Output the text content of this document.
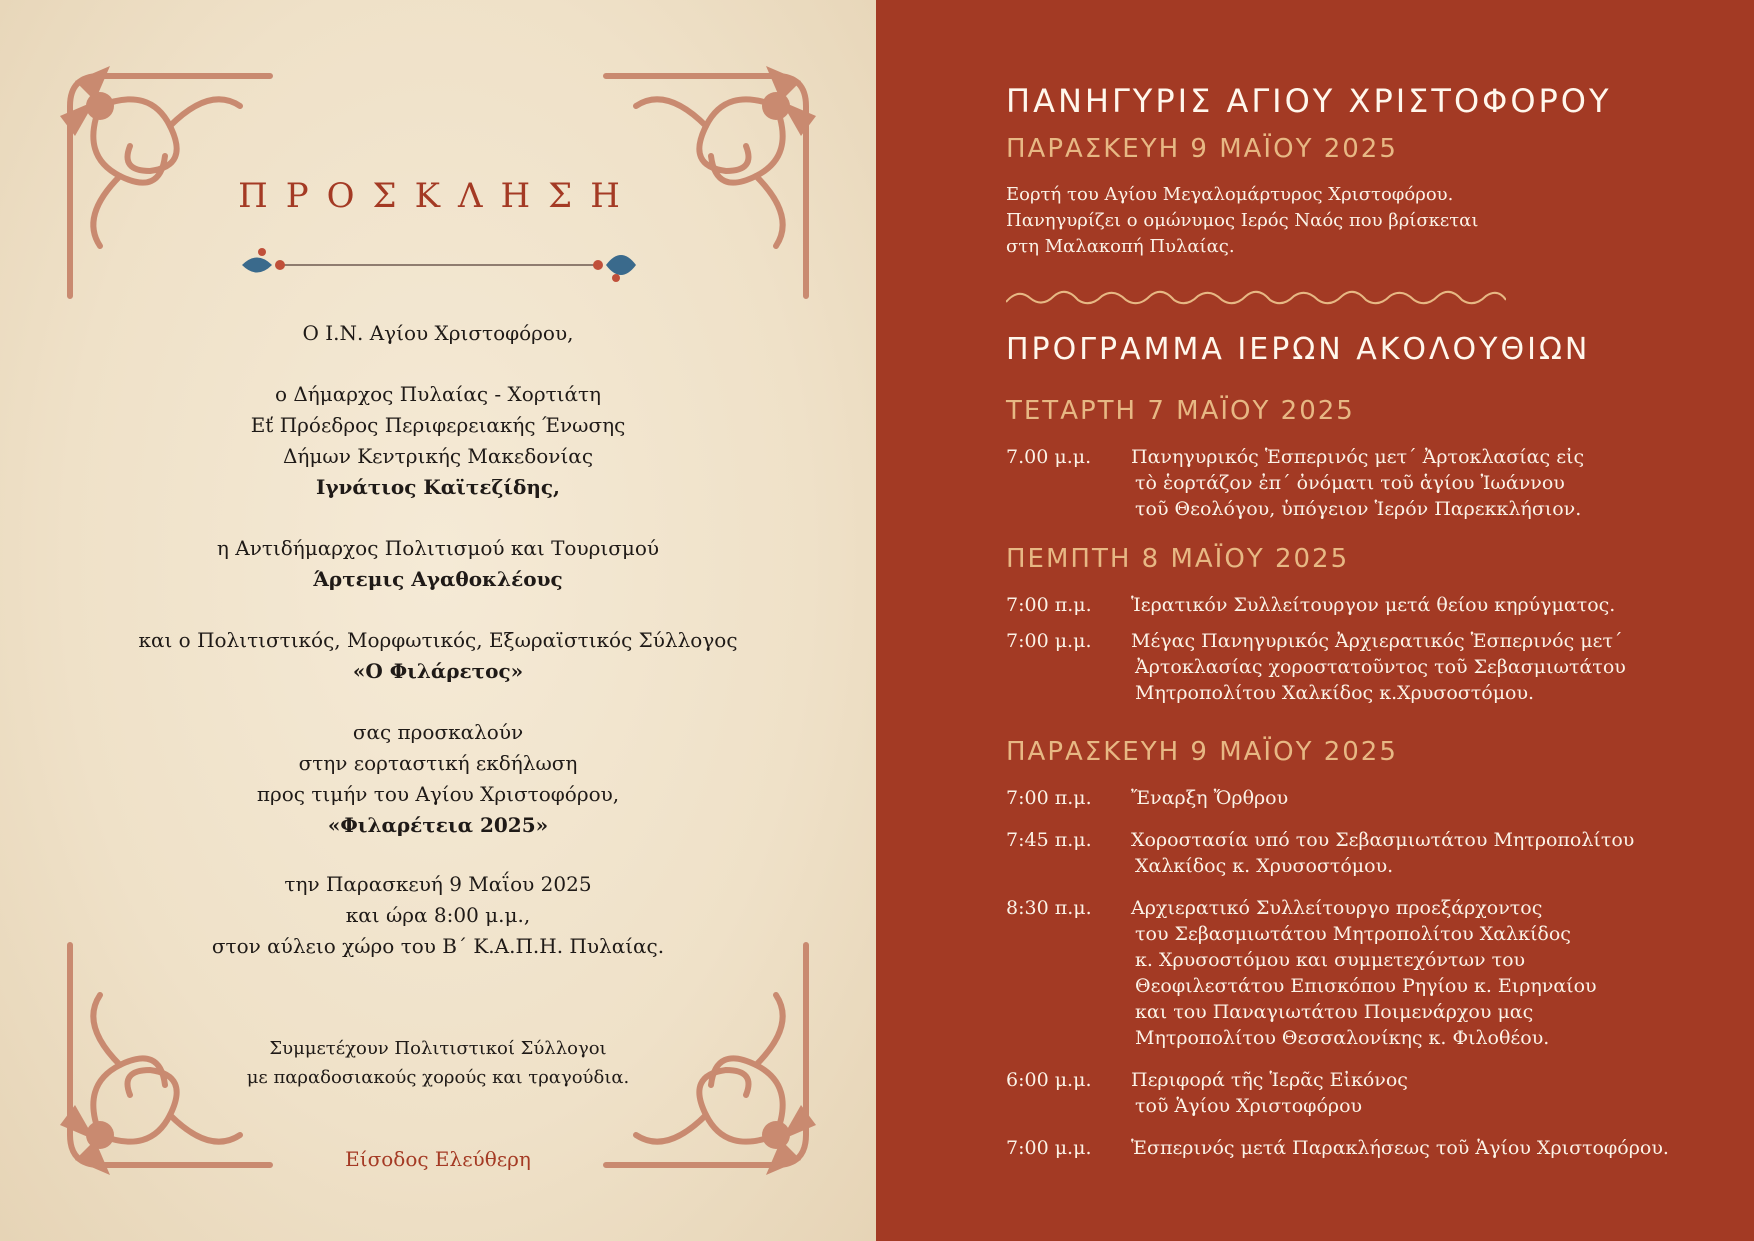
ΠΡΟΣΚΛΗΣΗ

Ο Ι.Ν. Αγίου Χριστοφόρου,

ο Δήμαρχος Πυλαίας - Χορτιάτη

Εť Πρόεδρος Περιφερειακής Ένωσης

Δήμων Κεντρικής Μακεδονίας

Ιγνάτιος Καϊτεζίδης,

η Αντιδήμαρχος Πολιτισμού και Τουρισμού

Άρτεμις Αγαθοκλέους

και ο Πολιτιστικός, Μορφωτικός, Εξωραϊστικός Σύλλογος

«Ο Φιλάρετος»

σας προσκαλούν

στην εορταστική εκδήλωση

προς τιμήν του Αγίου Χριστοφόρου,

«Φιλαρέτεια 2025»

την Παρασκευή 9 Μαΐου 2025

και ώρα 8:00 μ.μ.,

στον αύλειο χώρο του Β΄ Κ.Α.Π.Η. Πυλαίας.

Συμμετέχουν Πολιτιστικοί Σύλλογοι

με παραδοσιακούς χορούς και τραγούδια.

Είσοδος Ελεύθερη
ΠΑΝΗΓΥΡΙΣ ΑΓΙΟΥ ΧΡΙΣΤΟΦΟΡΟΥ
ΠΑΡΑΣΚΕΥΗ 9 ΜΑΪΟΥ 2025

Εορτή του Αγίου Μεγαλομάρτυρος Χριστοφόρου.

Πανηγυρίζει ο ομώνυμος Ιερός Ναός που βρίσκεται

στη Μαλακοπή Πυλαίας.

ΠΡΟΓΡΑΜΜΑ ΙΕΡΩΝ ΑΚΟΛΟΥΘΙΩΝ
ΤΕΤΑΡΤΗ 7 ΜΑΪΟΥ 2025
7.00 μ.μ.	Πανηγυρικός Ἑσπερινός μετ΄ Ἀρτοκλασίας εἰς
τὸ ἑορτάζον ἐπ΄ ὀνόματι τοῦ ἁγίου Ἰωάννου
τοῦ Θεολόγου, ὑπόγειον Ἱερόν Παρεκκλήσιον.
ΠΕΜΠΤΗ 8 ΜΑΪΟΥ 2025
7:00 π.μ.	Ἱερατικόν Συλλείτουργον μετά θείου κηρύγματος.
7:00 μ.μ.	Μέγας Πανηγυρικός Ἀρχιερατικός Ἑσπερινός μετ΄
Ἀρτοκλασίας χοροστατοῦντος τοῦ Σεβασμιωτάτου
Μητροπολίτου Χαλκίδος κ.Χρυσοστόμου.
ΠΑΡΑΣΚΕΥΗ 9 ΜΑΪΟΥ 2025
7:00 π.μ.	Ἔναρξη Ὄρθρου
7:45 π.μ.	Χοροστασία υπό του Σεβασμιωτάτου Μητροπολίτου
Χαλκίδος κ. Χρυσοστόμου.
8:30 π.μ.	Αρχιερατικό Συλλείτουργο προεξάρχοντος
του Σεβασμιωτάτου Μητροπολίτου Χαλκίδος
κ. Χρυσοστόμου και συμμετεχόντων του
Θεοφιλεστάτου Επισκόπου Ρηγίου κ. Ειρηναίου
και του Παναγιωτάτου Ποιμενάρχου μας
Μητροπολίτου Θεσσαλονίκης κ. Φιλοθέου.
6:00 μ.μ.	Περιφορά τῆς Ἱερᾶς Εἰκόνος
τοῦ Ἁγίου Χριστοφόρου
7:00 μ.μ.	Ἑσπερινός μετά Παρακλήσεως τοῦ Ἁγίου Χριστοφόρου.
